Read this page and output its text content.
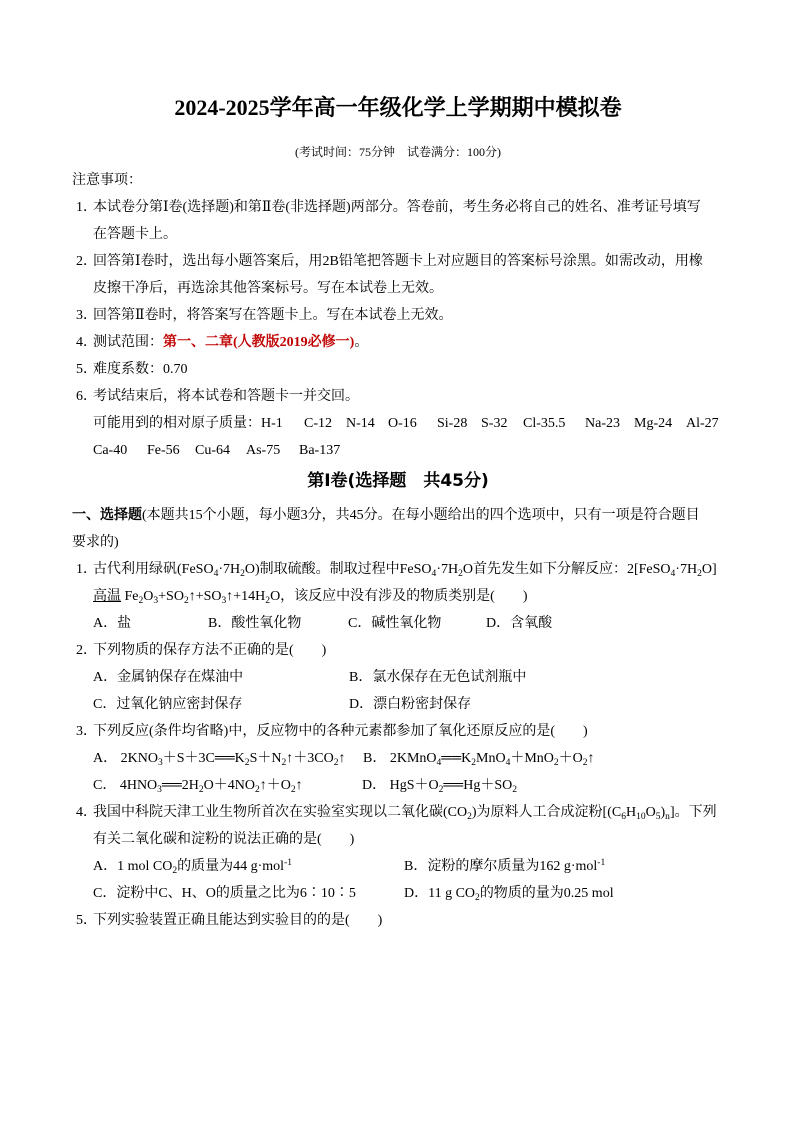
2024-2025学年高一年级化学上学期期中模拟卷
(考试时间：75分钟　试卷满分：100分)
注意事项：
1．本试卷分第Ⅰ卷(选择题)和第Ⅱ卷(非选择题)两部分。答卷前，考生务必将自己的姓名、准考证号填写
在答题卡上。
2．回答第Ⅰ卷时，选出每小题答案后，用2B铅笔把答题卡上对应题目的答案标号涂黑。如需改动，用橡
皮擦干净后，再选涂其他答案标号。写在本试卷上无效。
3．回答第Ⅱ卷时，将答案写在答题卡上。写在本试卷上无效。
4．测试范围：第一、二章(人教版2019必修一)。
5．难度系数：0.70
6．考试结束后，将本试卷和答题卡一并交回。
可能用到的相对原子质量： H-1 C-12 N-14 O-16 Si-28 S-32 Cl-35.5 Na-23 Mg-24 Al-27
Ca-40 Fe-56 Cu-64 As-75 Ba-137
第Ⅰ卷(选择题　共45分)
一、选择题(本题共15个小题，每小题3分，共45分。在每小题给出的四个选项中，只有一项是符合题目
要求的)
1．古代利用绿矾$(FeSO_4\cdot 7H_2O)$制取硫酸。制取过程中$FeSO_4\cdot 7H_2O$首先发生如下分解反应：$2[FeSO_4\cdot 7H_2O]$
高温 $Fe_2O_3+SO_2↑+SO_3↑+14H_2O$，该反应中没有涉及的物质类别是(　　)
A．盐	B．酸性氧化物	C．碱性氧化物	D．含氧酸
2．下列物质的保存方法不正确的是(　　)
A．金属钠保存在煤油中	B．氯水保存在无色试剂瓶中
C．过氧化钠应密封保存	D．漂白粉密封保存
3．下列反应(条件均省略)中，反应物中的各种元素都参加了氧化还原反应的是(　　)
A． $2KNO_3+S+3C══K_2S+N_2↑+3CO_2↑$ B． $2KMnO_4══K_2MnO_4+MnO_2+O_2↑$
C． $4HNO_3══2H_2O+4NO_2↑+O_2↑$	D． $HgS+O_2══Hg+SO_2$
4．我国中科院天津工业生物所首次在实验室实现以二氧化碳$(CO_2)$为原料人工合成淀粉$[(C_6H_{10}O_5)_n]$。下列
有关二氧化碳和淀粉的说法正确的是(　　)
A．1 mol $CO_2$的质量为44 g·mol$^{-1}$	B．淀粉的摩尔质量为162 g·mol$^{-1}$
C．淀粉中C、H、O的质量之比为6∶10∶5	D．11 g $CO_2$的物质的量为0.25 mol
5．下列实验装置正确且能达到实验目的的是(　　)
